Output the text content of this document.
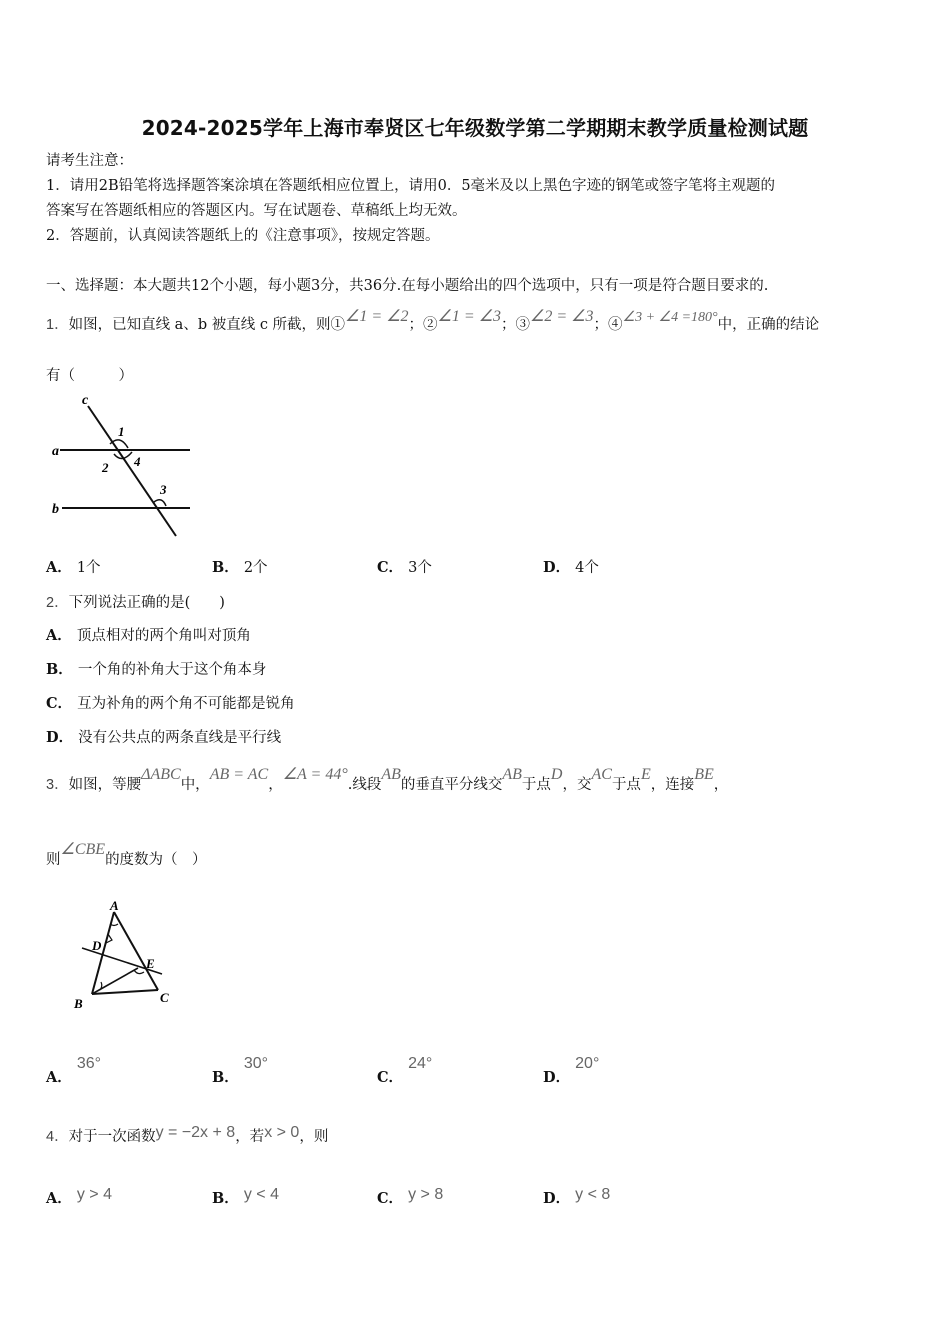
2024-2025学年上海市奉贤区七年级数学第二学期期末教学质量检测试题
请考生注意：
1．请用2B铅笔将选择题答案涂填在答题纸相应位置上，请用0．5毫米及以上黑色字迹的钢笔或签字笔将主观题的
答案写在答题纸相应的答题区内。写在试题卷、草稿纸上均无效。
2．答题前，认真阅读答题纸上的《注意事项》，按规定答题。
一、选择题：本大题共12个小题，每小题3分，共36分.在每小题给出的四个选项中，只有一项是符合题目要求的.
1．如图，已知直线 a、b 被直线 c 所截，则①∠1 = ∠2；②∠1 = ∠3；③∠2 = ∠3；④∠3 + ∠4 =180°中，正确的结论
有（　　　）
c
a
b
1
2
3
4
A． 1个	B． 2个	C． 3个	D． 4个
2．下列说法正确的是(　　)
A． 顶点相对的两个角叫对顶角
B． 一个角的补角大于这个角本身
C． 互为补角的两个角不可能都是锐角
D． 没有公共点的两条直线是平行线
3．如图，等腰ΔABC中，AB = AC，∠A = 44°.线段AB的垂直平分线交AB于点D，交AC于点E，连接BE，
则∠CBE的度数为（　）
A
B	C
D
E
A． 36°
B． 30°
C． 24°
D． 20°
4．对于一次函数y = −2x + 8，若x > 0，则
A． y > 4	B． y < 4	C． y > 8	D． y < 8
